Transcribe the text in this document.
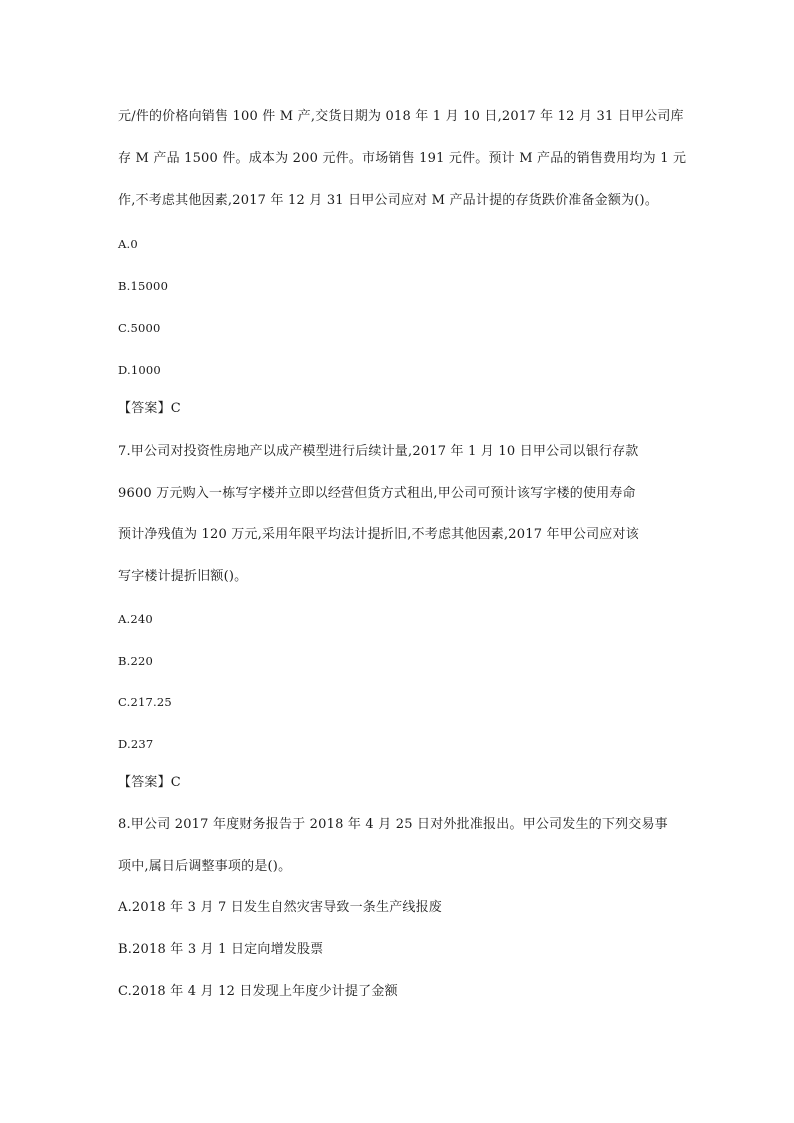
元/件的价格向销售 100 件 M 产,交货日期为 018 年 1 月 10 日,2017 年 12 月 31 日甲公司库
存 M 产品 1500 件。成本为 200 元件。市场销售 191 元件。预计 M 产品的销售费用均为 1 元
作,不考虑其他因素,2017 年 12 月 31 日甲公司应对 M 产品计提的存货跌价准备金额为()。
A.0
B.15000
C.5000
D.1000
【答案】C
7.甲公司对投资性房地产以成产模型进行后续计量,2017 年 1 月 10 日甲公司以银行存款
9600 万元购入一栋写字楼并立即以经营但货方式租出,甲公司可预计该写字楼的使用寿命
预计净残值为 120 万元,采用年限平均法计提折旧,不考虑其他因素,2017 年甲公司应对该
写字楼计提折旧额()。
A.240
B.220
C.217.25
D.237
【答案】C
8.甲公司 2017 年度财务报告于 2018 年 4 月 25 日对外批准报出。甲公司发生的下列交易事
项中,属日后调整事项的是()。
A.2018 年 3 月 7 日发生自然灾害导致一条生产线报废
B.2018 年 3 月 1 日定向增发股票
C.2018 年 4 月 12 日发现上年度少计提了金额
